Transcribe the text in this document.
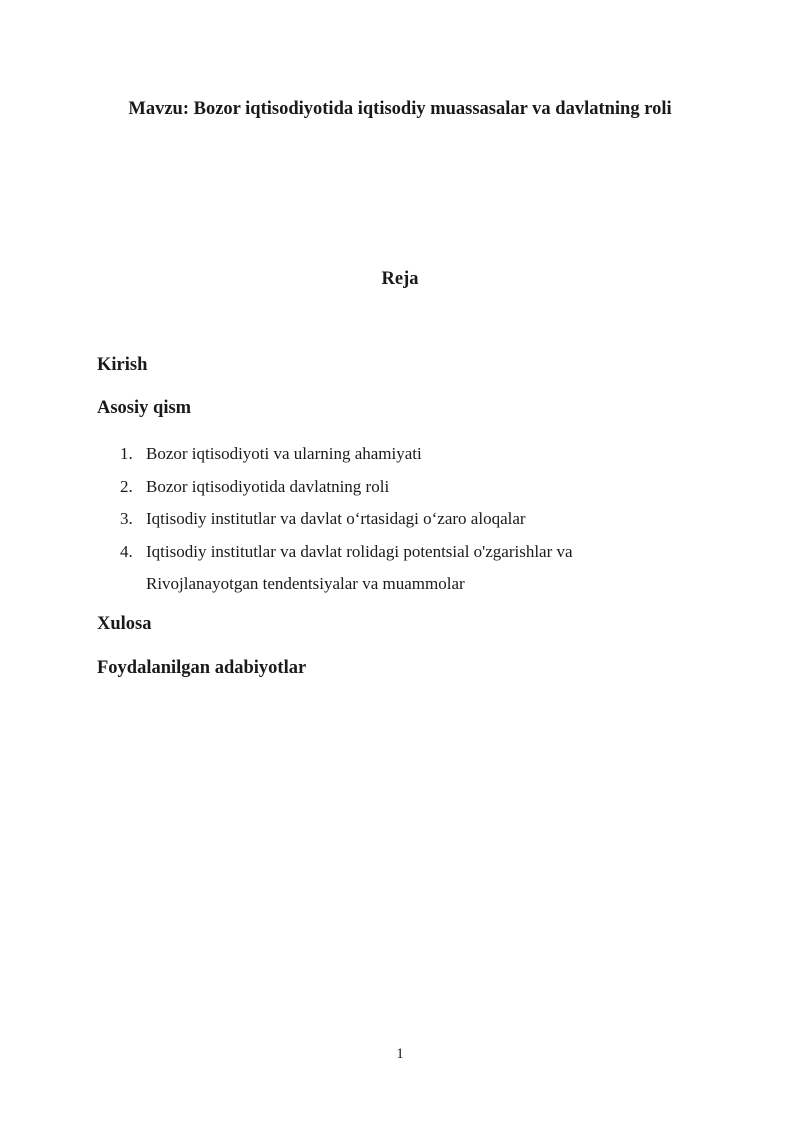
Mavzu: Bozor iqtisodiyotida iqtisodiy muassasalar va davlatning roli
Reja
Kirish
Asosiy qism
1. Bozor iqtisodiyoti va ularning ahamiyati
2. Bozor iqtisodiyotida davlatning roli
3. Iqtisodiy institutlar va davlat o‘rtasidagi o‘zaro aloqalar
4. Iqtisodiy institutlar va davlat rolidagi potentsial o'zgarishlar va Rivojlanayotgan tendentsiyalar va muammolar
Xulosa
Foydalanilgan adabiyotlar
1
